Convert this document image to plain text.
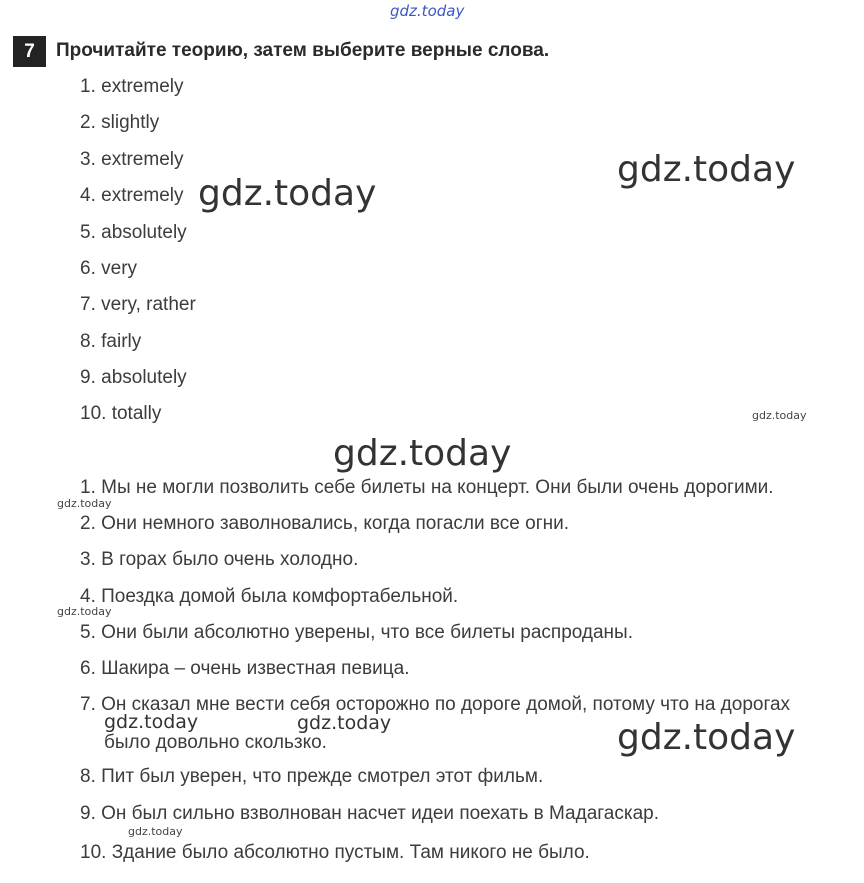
gdz.today
7	Прочитайте теорию, затем выберите верные слова.
1. extremely
2. slightly
3. extremely
4. extremely
5. absolutely
6. very
7. very, rather
8. fairly
9. absolutely
10. totally
1. Мы не могли позволить себе билеты на концерт. Они были очень дорогими.
2. Они немного заволновались, когда погасли все огни.
3. В горах было очень холодно.
4. Поездка домой была комфортабельной.
5. Они были абсолютно уверены, что все билеты распроданы.
6. Шакира – очень известная певица.
7. Он сказал мне вести себя осторожно по дороге домой, потому что на дорогах
8. Пит был уверен, что прежде смотрел этот фильм.
9. Он был сильно взволнован насчет идеи поехать в Мадагаскар.
10. Здание было абсолютно пустым. Там никого не было.
было довольно скользко.
gdz.today
gdz.today
gdz.today
gdz.today
gdz.today
gdz.today
gdz.today
gdz.today
gdz.today	gdz.today
